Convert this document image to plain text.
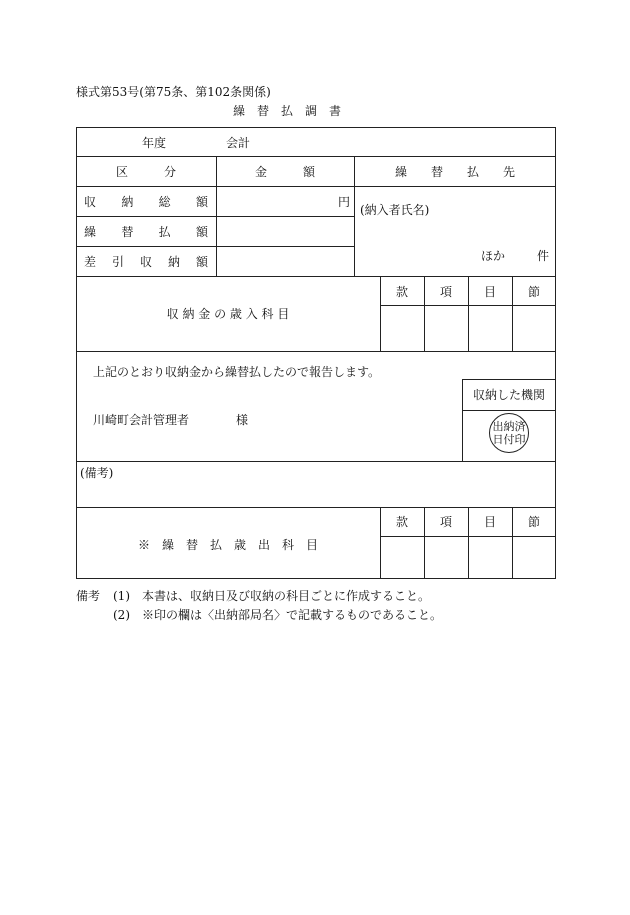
様式第53号(第75条、第102条関係)
繰　替　払　調　書
年度	会計
区　　　分	金　　　額	繰　　替　　払　　先
収 納 総 額	円
繰 替 払 額
差 引 収 納 額
(納入者氏名)
ほか	件
収 納 金 の 歳 入 科 目
款	項	目	節
上記のとおり収納金から繰替払したので報告します。
川崎町会計管理者	様
収納した機関
出納済
日付印
(備考)
※　繰　替　払　歳　出　科　目
款	項	目	節
備考 (1) 本書は、収納日及び収納の科目ごとに作成すること。
(2) ※印の欄は〈出納部局名〉で記載するものであること。
